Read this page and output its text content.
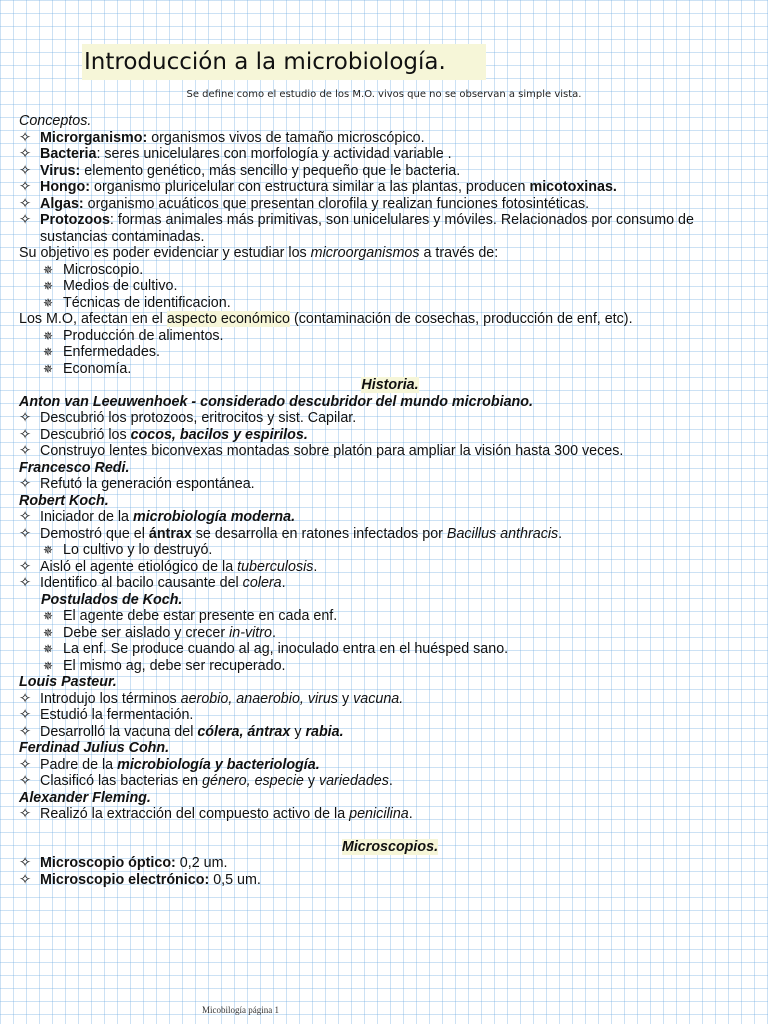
Introducción a la microbiología.
Se define como el estudio de los M.O. vivos que no se observan a simple vista.
Conceptos.
✧ Microrganismo: organismos vivos de tamaño microscópico.
✧ Bacteria: seres unicelulares con morfología y actividad variable .
✧ Virus: elemento genético, más sencillo y pequeño que le bacteria.
✧ Hongo: organismo pluricelular con estructura similar a las plantas, producen micotoxinas.
✧ Algas: organismo acuáticos que presentan clorofila y realizan funciones fotosintéticas.
✧ Protozoos: formas animales más primitivas, son unicelulares y móviles. Relacionados por consumo de sustancias contaminadas.
Su objetivo es poder evidenciar y estudiar los microorganismos a través de:
✵ Microscopio.
✵ Medios de cultivo.
✵ Técnicas de identificacion.
Los M.O, afectan en el aspecto económico (contaminación de cosechas, producción de enf, etc).
✵ Producción de alimentos.
✵ Enfermedades.
✵ Economía.
Historia.
Anton van Leeuwenhoek - considerado descubridor del mundo microbiano.
✧ Descubrió los protozoos, eritrocitos y sist. Capilar.
✧ Descubrió los cocos, bacilos y espirilos.
✧ Construyo lentes biconvexas montadas sobre platón para ampliar la visión hasta 300 veces.
Francesco Redi.
✧ Refutó la generación espontánea.
Robert Koch.
✧ Iniciador de la microbiología moderna.
✧ Demostró que el ántrax se desarrolla en ratones infectados por Bacillus anthracis.
✵ Lo cultivo y lo destruyó.
✧ Aisló el agente etiológico de la tuberculosis.
✧ Identifico al bacilo causante del colera.
Postulados de Koch.
✵ El agente debe estar presente en cada enf.
✵ Debe ser aislado y crecer in-vitro.
✵ La enf. Se produce cuando al ag, inoculado entra en el huésped sano.
✵ El mismo ag, debe ser recuperado.
Louis Pasteur.
✧ Introdujo los términos aerobio, anaerobio, virus y vacuna.
✧ Estudió la fermentación.
✧ Desarrolló la vacuna del cólera, ántrax y rabia.
Ferdinad Julius Cohn.
✧ Padre de la microbiología y bacteriología.
✧ Clasificó las bacterias en género, especie y variedades.
Alexander Fleming.
✧ Realizó la extracción del compuesto activo de la penicilina.
Microscopios.
✧ Microscopio óptico: 0,2 um.
✧ Microscopio electrónico: 0,5 um.
Micobilogía página 1
